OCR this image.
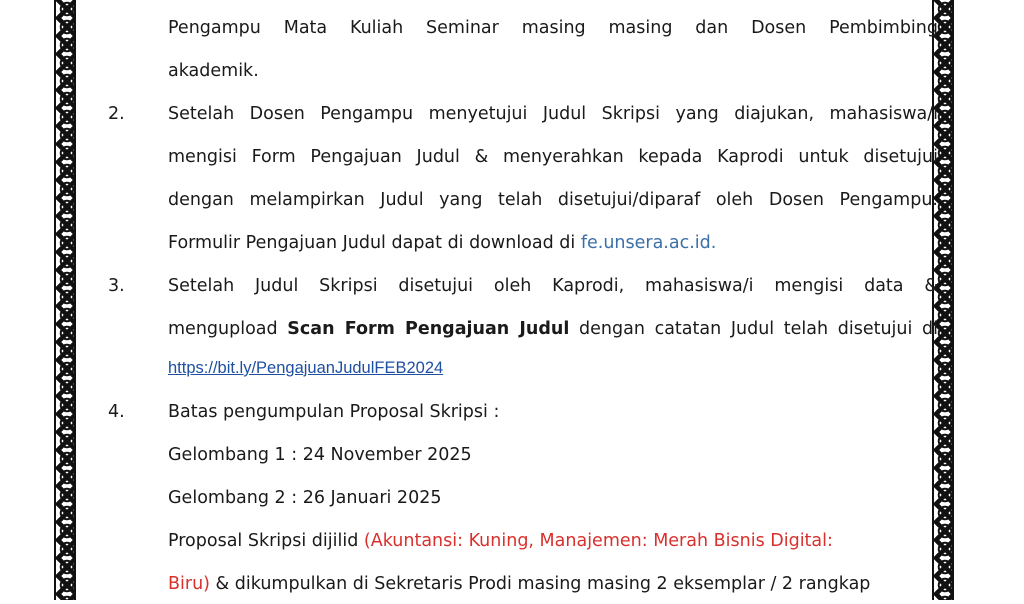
Pengampu Mata Kuliah Seminar masing masing dan Dosen Pembimbing
akademik.
2. Setelah Dosen Pengampu menyetujui Judul Skripsi yang diajukan, mahasiswa/i
mengisi Form Pengajuan Judul & menyerahkan kepada Kaprodi untuk disetujui
dengan melampirkan Judul yang telah disetujui/diparaf oleh Dosen Pengampu.
Formulir Pengajuan Judul dapat di download di fe.unsera.ac.id.
3. Setelah Judul Skripsi disetujui oleh Kaprodi, mahasiswa/i mengisi data &
mengupload Scan Form Pengajuan Judul dengan catatan Judul telah disetujui di
https://bit.ly/PengajuanJudulFEB2024
4. Batas pengumpulan Proposal Skripsi :
Gelombang 1 : 24 November 2025
Gelombang 2 : 26 Januari 2025
Proposal Skripsi dijilid (Akuntansi: Kuning, Manajemen: Merah Bisnis Digital:
Biru) & dikumpulkan di Sekretaris Prodi masing masing 2 eksemplar / 2 rangkap
